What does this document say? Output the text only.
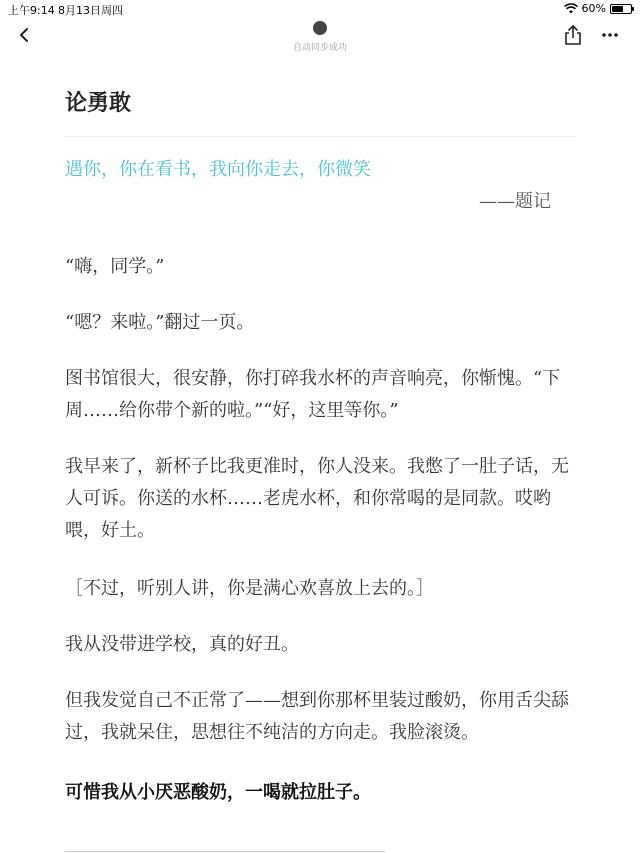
上午9:14 8月13日周四	60%
自动同步成功
论勇敢

遇你，你在看书，我向你走去，你微笑

——题记

“嗨，同学。”

“嗯？来啦。”翻过一页。

图书馆很大，很安静，你打碎我水杯的声音响亮，你惭愧。“下周……给你带个新的啦。”“好，这里等你。”

我早来了，新杯子比我更准时，你人没来。我憋了一肚子话，无人可诉。你送的水杯……老虎水杯，和你常喝的是同款。哎哟喂，好土。

［不过，听别人讲，你是满心欢喜放上去的。］

我从没带进学校，真的好丑。

但我发觉自己不正常了——想到你那杯里装过酸奶，你用舌尖舔过，我就呆住，思想往不纯洁的方向走。我脸滚烫。

可惜我从小厌恶酸奶，一喝就拉肚子。
